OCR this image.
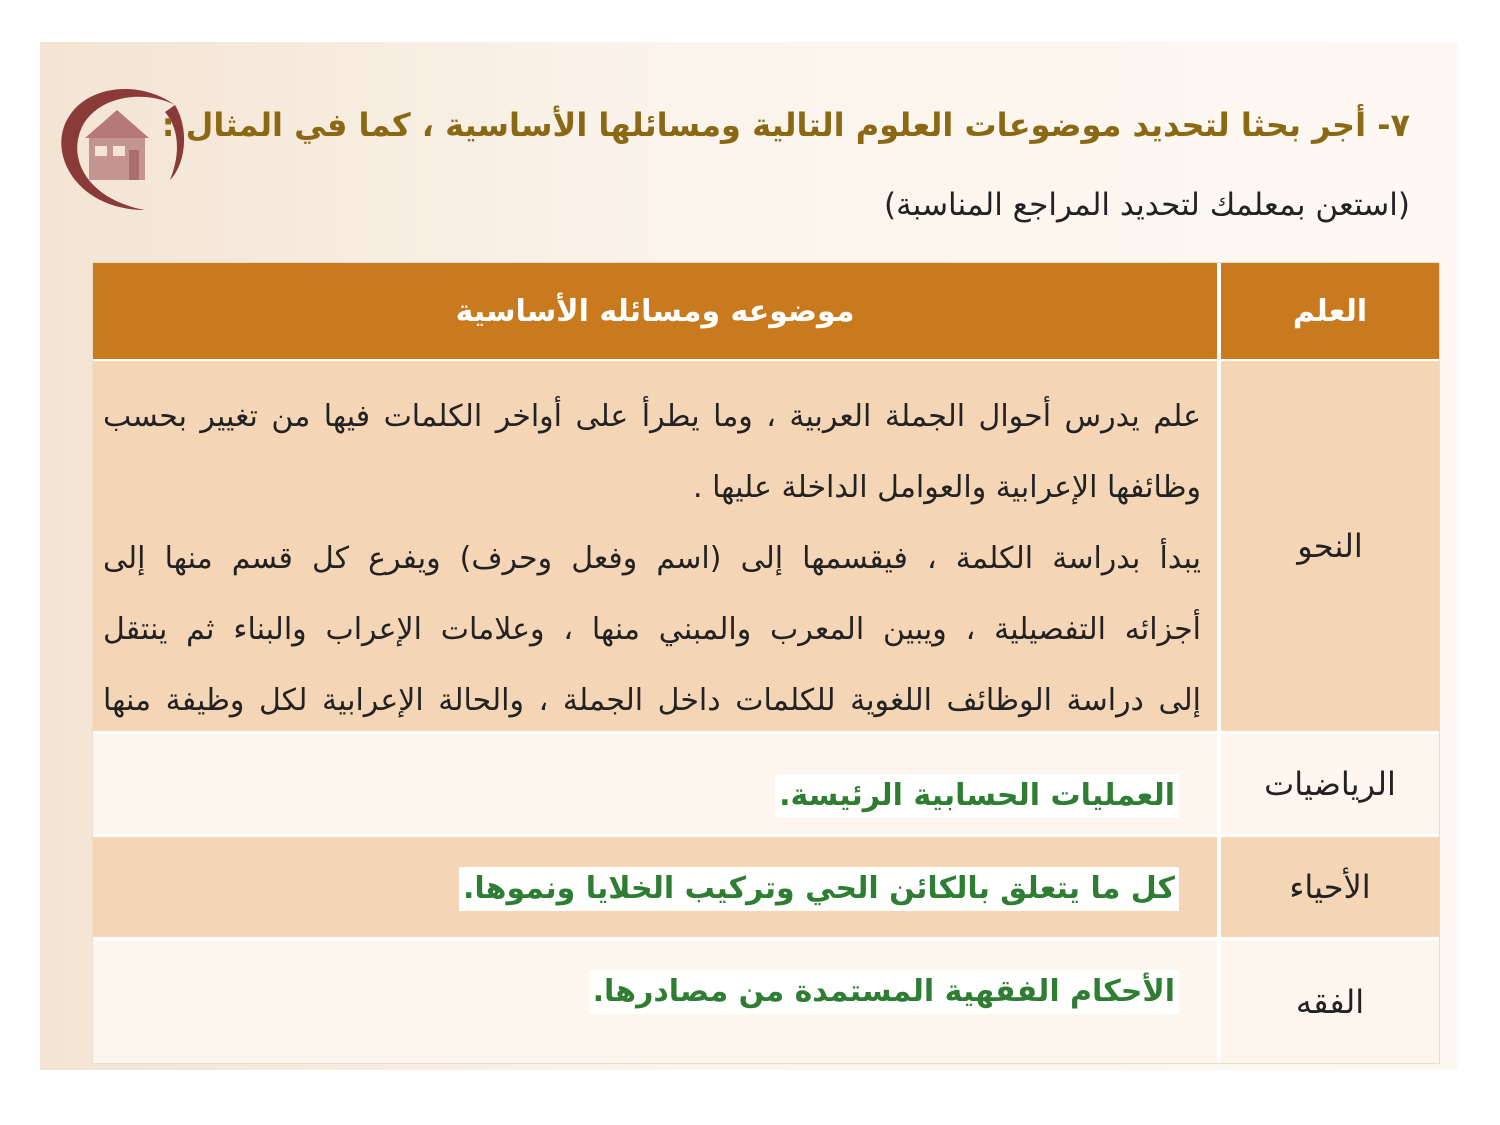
٧- أجر بحثا لتحديد موضوعات العلوم التالية ومسائلها الأساسية ، كما في المثال :
(استعن بمعلمك لتحديد المراجع المناسبة)
العلم
موضوعه ومسائله الأساسية
النحو

علم يدرس أحوال الجملة العربية ، وما يطرأ على أواخر الكلمات فيها من تغيير بحسب

وظائفها الإعرابية والعوامل الداخلة عليها .

يبدأ بدراسة الكلمة ، فيقسمها إلى (اسم وفعل وحرف) ويفرع كل قسم منها إلى

أجزائه التفصيلية ، ويبين المعرب والمبني منها ، وعلامات الإعراب والبناء ثم ينتقل

إلى دراسة الوظائف اللغوية للكلمات داخل الجملة ، والحالة الإعرابية لكل وظيفة منها

الرياضيات
العمليات الحسابية الرئيسة.
الأحياء
كل ما يتعلق بالكائن الحي وتركيب الخلايا ونموها.
الفقه
الأحكام الفقهية المستمدة من مصادرها.
